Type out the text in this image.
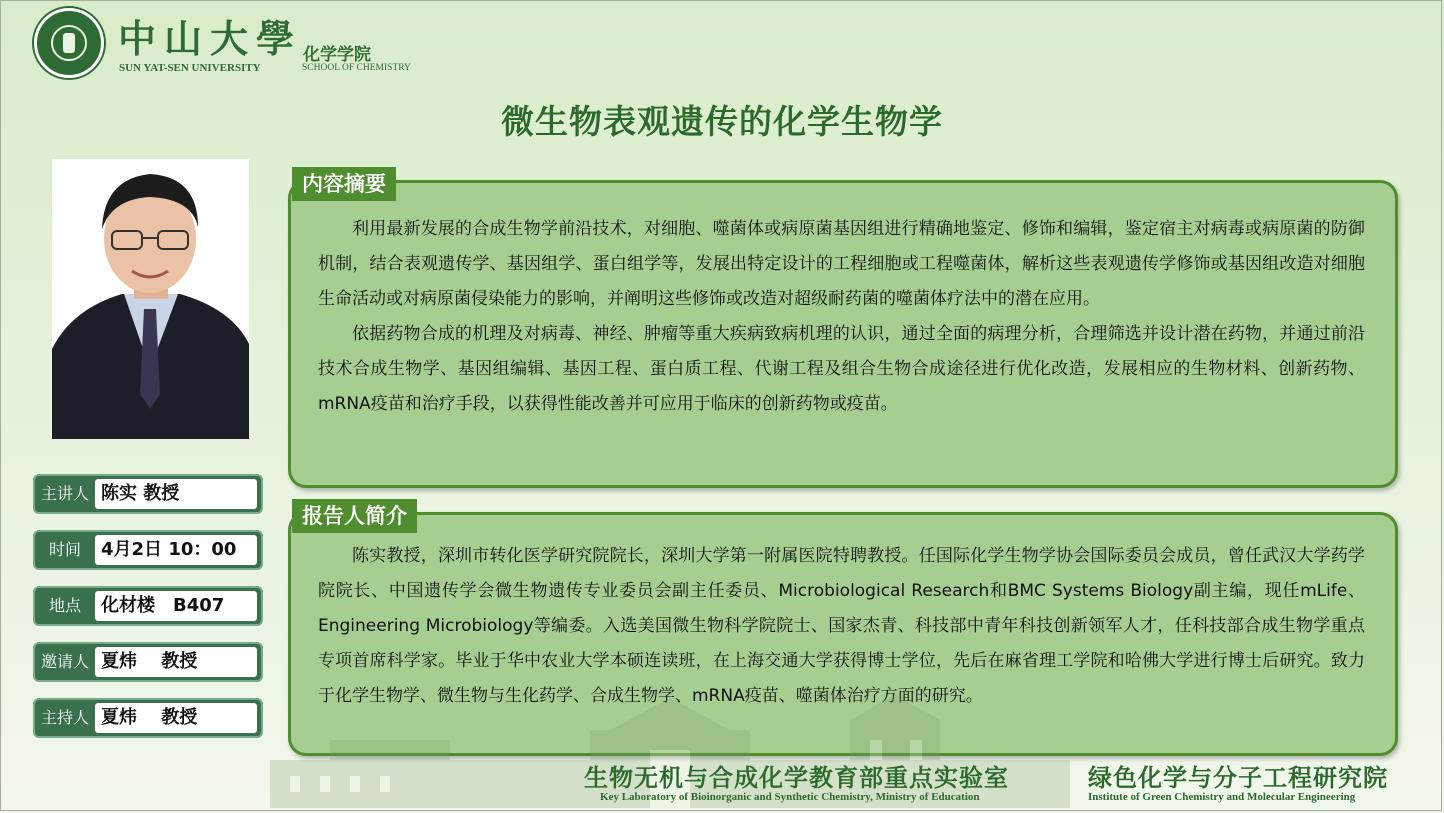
中山大學
SUN YAT-SEN UNIVERSITY
化学学院
SCHOOL OF CHEMISTRY
微生物表观遗传的化学生物学
主讲人 陈实 教授
时间	4月2日 10：00
地点	化材楼　B407
邀请人 夏炜　 教授
主持人 夏炜　 教授

利用最新发展的合成生物学前沿技术，对细胞、噬菌体或病原菌基因组进行精确地鉴定、修饰和编辑，鉴定宿主对病毒或病原菌的防御机制，结合表观遗传学、基因组学、蛋白组学等，发展出特定设计的工程细胞或工程噬菌体，解析这些表观遗传学修饰或基因组改造对细胞生命活动或对病原菌侵染能力的影响，并阐明这些修饰或改造对超级耐药菌的噬菌体疗法中的潜在应用。

依据药物合成的机理及对病毒、神经、肿瘤等重大疾病致病机理的认识，通过全面的病理分析，合理筛选并设计潜在药物，并通过前沿技术合成生物学、基因组编辑、基因工程、蛋白质工程、代谢工程及组合生物合成途径进行优化改造，发展相应的生物材料、创新药物、mRNA疫苗和治疗手段，以获得性能改善并可应用于临床的创新药物或疫苗。

内容摘要

陈实教授，深圳市转化医学研究院院长，深圳大学第一附属医院特聘教授。任国际化学生物学协会国际委员会成员，曾任武汉大学药学院院长、中国遗传学会微生物遗传专业委员会副主任委员、Microbiological Research和BMC Systems Biology副主编，现任mLife、Engineering Microbiology等编委。入选美国微生物科学院院士、国家杰青、科技部中青年科技创新领军人才，任科技部合成生物学重点专项首席科学家。毕业于华中农业大学本硕连读班，在上海交通大学获得博士学位，先后在麻省理工学院和哈佛大学进行博士后研究。致力于化学生物学、微生物与生化药学、合成生物学、mRNA疫苗、噬菌体治疗方面的研究。

报告人简介
生物无机与合成化学教育部重点实验室
Key Laboratory of Bioinorganic and Synthetic Chemistry, Ministry of Education
绿色化学与分子工程研究院
Institute of Green Chemistry and Molecular Engineering
